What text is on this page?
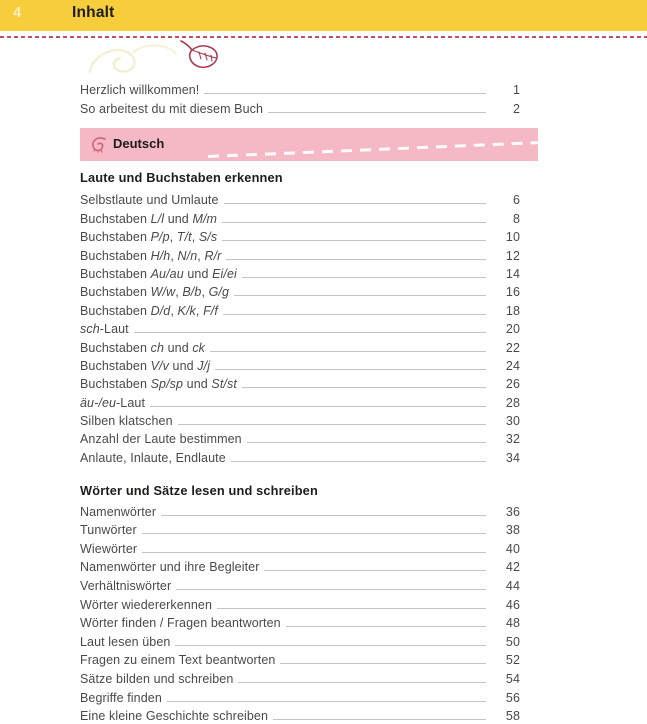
4	Inhalt
Herzlich willkommen!	1
So arbeitest du mit diesem Buch	2
Deutsch
Laute und Buchstaben erkennen
Selbstlaute und Umlaute	6
Buchstaben L/l und M/m	8
Buchstaben P/p, T/t, S/s	10
Buchstaben H/h, N/n, R/r	12
Buchstaben Au/au und Ei/ei	14
Buchstaben W/w, B/b, G/g	16
Buchstaben D/d, K/k, F/f	18
sch-Laut	20
Buchstaben ch und ck	22
Buchstaben V/v und J/j	24
Buchstaben Sp/sp und St/st	26
äu-/eu-Laut	28
Silben klatschen	30
Anzahl der Laute bestimmen	32
Anlaute, Inlaute, Endlaute	34
Wörter und Sätze lesen und schreiben
Namenwörter	36
Tunwörter	38
Wiewörter	40
Namenwörter und ihre Begleiter	42
Verhältniswörter	44
Wörter wiedererkennen	46
Wörter finden / Fragen beantworten	48
Laut lesen üben	50
Fragen zu einem Text beantworten	52
Sätze bilden und schreiben	54
Begriffe finden	56
Eine kleine Geschichte schreiben	58
